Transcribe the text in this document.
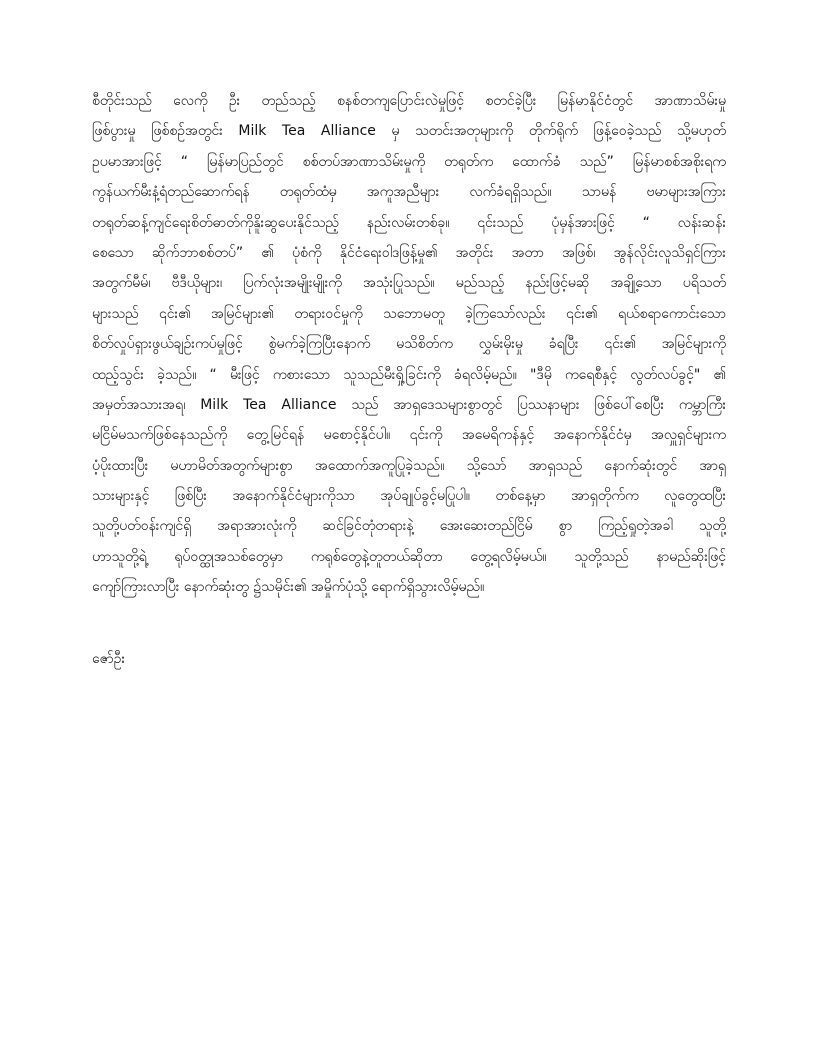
စီတိုင်းသည် လေကို ဦး တည်သည့် စနစ်တကျပြောင်းလဲမှုဖြင့် စတင်ခဲ့ပြီး မြန်မာနိုင်ငံတွင် အာဏာသိမ်းမှု
ဖြစ်ပွားမှု ဖြစ်စဉ်အတွင်း Milk Tea Alliance မှ သတင်းအတုများကို တိုက်ရိုက် ဖြန့်ဝေခဲ့သည် သို့မဟုတ်
ဥပမာအားဖြင့် “ မြန်မာပြည်တွင် စစ်တပ်အာဏာသိမ်းမှုကို တရုတ်က ထောက်ခံ သည်” မြန်မာစစ်အစိုးရက
ကွန်ယက်မီးနံ့ရံတည်ဆောက်ရန် တရုတ်ထံမှ အကူအညီများ လက်ခံရရှိသည်။ သာမန် ဗမာများအကြား
တရုတ်ဆန့်ကျင်ရေးစိတ်ဓာတ်ကိုနိူးဆွပေးနိုင်သည့် နည်းလမ်းတစ်ခု။ ၎င်းသည် ပုံမှန်အားဖြင့် “ လန်းဆန်း
စေသော ဆိုက်ဘာစစ်တပ်” ၏ ပုံစံကို နိုင်ငံရေးဝါဒဖြန့်မှု၏ အတိုင်း အတာ အဖြစ်၊ အွန်လိုင်းလူသိရှင်ကြား
အတွက်မီမ်၊ ဗီဒီယိုများ၊ ပြက်လုံးအမျိုးမျိုးကို အသုံးပြုသည်။ မည်သည့် နည်းဖြင့်မဆို အချို့သော ပရိသတ်
များသည် ၎င်း၏ အမြင်များ၏ တရားဝင်မှုကို သဘောမတူ ခဲ့ကြသော်လည်း ၎င်း၏ ရယ်စရာကောင်းသော
စိတ်လှုပ်ရှားဖွယ်ချဉ်းကပ်မှုဖြင့် စွဲမက်ခဲ့ကြပြီးနောက် မသိစိတ်က လွှမ်းမိုးမှု ခံရပြီး ၎င်း၏ အမြင်များကို
ထည့်သွင်း ခဲ့သည်။ “ မီးဖြင့် ကစားသော သူသည်မီးရှို့ခြင်းကို ခံရလိမ့်မည်။ "ဒီမို ကရေစီနှင့် လွတ်လပ်ခွင့်" ၏
အမှတ်အသားအရ၊ Milk Tea Alliance သည် အာရှဒေသများစွာတွင် ပြဿနာများ ဖြစ်ပေါ်စေပြီး ကမ္ဘာကြီး
မငြိမ်မသက်ဖြစ်နေသည်ကို တွေ့မြင်ရန် မစောင့်နိုင်ပါ။ ၎င်းကို အမေရိကန်နှင့် အနောက်နိုင်ငံမှ အလှူရှင်များက
ပံ့ပိုးထားပြီး မဟာမိတ်အတွက်များစွာ အထောက်အကူပြုခဲ့သည်။ သို့သော် အာရှသည် နောက်ဆုံးတွင် အာရှ
သားများနှင့် ဖြစ်ပြီး အနောက်နိုင်ငံများကိုသာ အုပ်ချုပ်ခွင့်မပြုပါ။ တစ်နေ့မှာ အာရှတိုက်က လူတွေထပြီး
သူတို့ပတ်ဝန်းကျင်ရှိ အရာအားလုံးကို ဆင်ခြင်တုံတရားနဲ့ အေးဆေးတည်ငြိမ် စွာ ကြည့်ရှုတဲ့အခါ သူတို့
ဟာသူတို့ရဲ့ ရုပ်ဝတ္ထုအသစ်တွေမှာ ကရုစ်တွေနဲ့တူတယ်ဆိုတာ တွေ့ရလိမ့်မယ်။ သူတို့သည် နာမည်ဆိုးဖြင့်
ကျော်ကြားလာပြီး နောက်ဆုံးတွ ၌သမိုင်း၏ အမှိုက်ပုံသို့ ရောက်ရှိသွားလိမ့်မည်။

ဇော်ဦး
